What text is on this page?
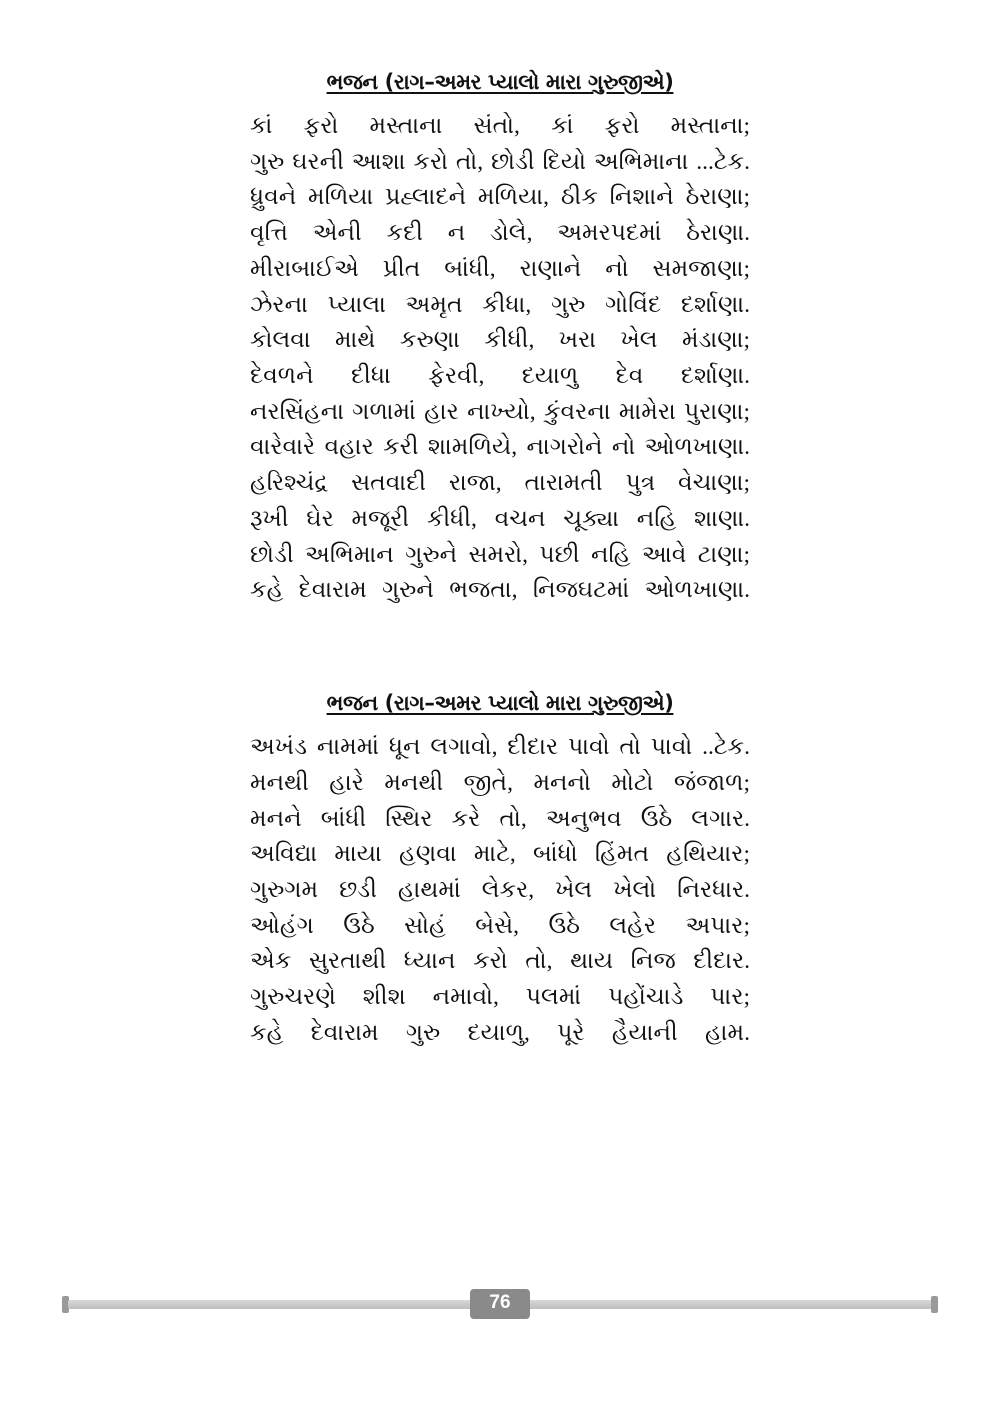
ભજન (રાગ–અમર પ્યાલો મારા ગુરુજીએ)
કાં ફરો મસ્તાના સંતો, કાં ફરો મસ્તાના;
ગુરુ ઘરની આશા કરો તો, છોડી દિયો અભિમાના ...ટેક.
ધ્રુવને મળિયા પ્રહ્લાદને મળિયા, ઠીક નિશાને ઠેરાણા;
વૃત્તિ એની કદી ન ડોલે, અમરપદમાં ઠેરાણા.
મીરાબાઈએ પ્રીત બાંધી, રાણાને નો સમજાણા;
ઝેરના પ્યાલા અમૃત કીધા, ગુરુ ગોવિંદ દર્શાણા.
કોલવા માથે કરુણા કીધી, ખરા ખેલ મંડાણા;
દેવળને દીધા ફેરવી, દયાળુ દેવ દર્શાણા.
નરસિંહના ગળામાં હાર નાખ્યો, કુંવરના મામેરા પુરાણા;
વારેવારે વહાર કરી શામળિયે, નાગરોને નો ઓળખાણા.
હરિશ્ચંદ્ર સતવાદી રાજા, તારામતી પુત્ર વેચાણા;
રૂખી ઘેર મજૂરી કીધી, વચન ચૂક્યા નહિ શાણા.
છોડી અભિમાન ગુરુને સમરો, પછી નહિ આવે ટાણા;
કહે દેવારામ ગુરુને ભજતા, નિજઘટમાં ઓળખાણા.
ભજન (રાગ–અમર પ્યાલો મારા ગુરુજીએ)
અખંડ નામમાં ધૂન લગાવો, દીદાર પાવો તો પાવો ..ટેક.
મનથી હારે મનથી જીતે, મનનો મોટો જંજાળ;
મનને બાંધી સ્થિર કરે તો, અનુભવ ઉઠે લગાર.
અવિદ્યા માયા હણવા માટે, બાંધો હિંમત હથિયાર;
ગુરુગમ છડી હાથમાં લેકર, ખેલ ખેલો નિરધાર.
ઓહંગ ઉઠે સોહં બેસે, ઉઠે લહેર અપાર;
એક સુરતાથી ધ્યાન કરો તો, થાય નિજ દીદાર.
ગુરુચરણે શીશ નમાવો, પલમાં પહોંચાડે પાર;
કહે દેવારામ ગુરુ દયાળુ, પૂરે હૈયાની હામ.
76
